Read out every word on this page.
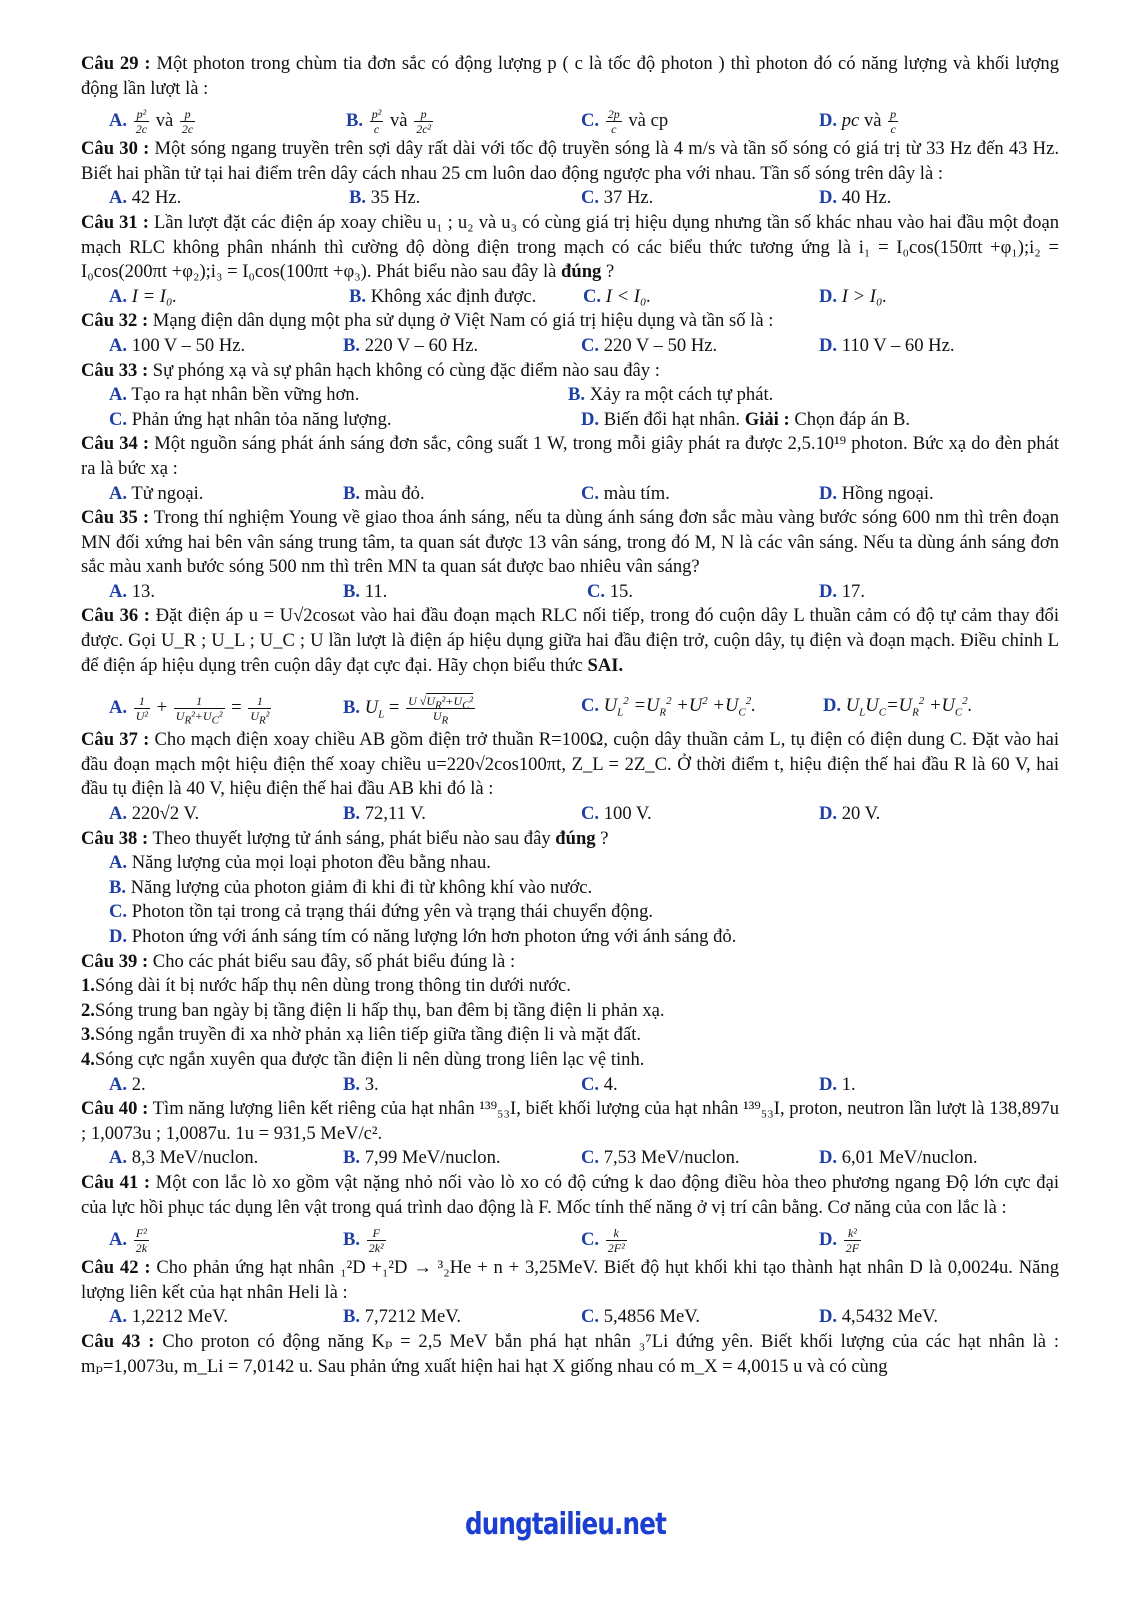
Câu 29 : Một photon trong chùm tia đơn sắc có động lượng p ( c là tốc độ photon ) thì photon đó có năng lượng và khối lượng động lần lượt là :

A. $\frac{\text{p²}}{2c}$ và $\frac{p}{2c}$	B. $\frac{\text{p²}}{c}$ và $\frac{p}{\text{2c²}}$	C. $\frac{2p}{c}$ và cp	D. pc và $\frac{p}{c}$

Câu 30 : Một sóng ngang truyền trên sợi dây rất dài với tốc độ truyền sóng là 4 m/s và tần số sóng có giá trị từ 33 Hz đến 43 Hz. Biết hai phần tử tại hai điểm trên dây cách nhau 25 cm luôn dao động ngược pha với nhau. Tần số sóng trên dây là :

A. 42 Hz.	B. 35 Hz.	C. 37 Hz.	D. 40 Hz.

Câu 31 : Lần lượt đặt các điện áp xoay chiều u₁ ; u₂ và u₃ có cùng giá trị hiệu dụng nhưng tần số khác nhau vào hai đầu một đoạn mạch RLC không phân nhánh thì cường độ dòng điện trong mạch có các biểu thức tương ứng là i₁ = I₀cos(150πt +φ₁);i₂ = I₀cos(200πt +φ₂);i₃ = I₀cos(100πt +φ₃). Phát biểu nào sau đây là đúng ?

A. I = I₀.	B. Không xác định được.	C. I < I₀.	D. I > I₀.

Câu 32 : Mạng điện dân dụng một pha sử dụng ở Việt Nam có giá trị hiệu dụng và tần số là :

A. 100 V – 50 Hz.	B. 220 V – 60 Hz.	C. 220 V – 50 Hz.	D. 110 V – 60 Hz.

Câu 33 : Sự phóng xạ và sự phân hạch không có cùng đặc điểm nào sau đây :

A. Tạo ra hạt nhân bền vững hơn.	B. Xảy ra một cách tự phát.
C. Phản ứng hạt nhân tỏa năng lượng.	D. Biến đổi hạt nhân. Giải : Chọn đáp án B.

Câu 34 : Một nguồn sáng phát ánh sáng đơn sắc, công suất 1 W, trong mỗi giây phát ra được 2,5.10¹⁹ photon. Bức xạ do đèn phát ra là bức xạ :

A. Tử ngoại.	B. màu đỏ.	C. màu tím.	D. Hồng ngoại.

Câu 35 : Trong thí nghiệm Young về giao thoa ánh sáng, nếu ta dùng ánh sáng đơn sắc màu vàng bước sóng 600 nm thì trên đoạn MN đối xứng hai bên vân sáng trung tâm, ta quan sát được 13 vân sáng, trong đó M, N là các vân sáng. Nếu ta dùng ánh sáng đơn sắc màu xanh bước sóng 500 nm thì trên MN ta quan sát được bao nhiêu vân sáng?

A. 13.	B. 11.	C. 15.	D. 17.

Câu 36 : Đặt điện áp u = U√2cosωt vào hai đầu đoạn mạch RLC nối tiếp, trong đó cuộn dây L thuần cảm có độ tự cảm thay đổi được. Gọi U_R ; U_L ; U_C ; U lần lượt là điện áp hiệu dụng giữa hai đầu điện trở, cuộn dây, tụ điện và đoạn mạch. Điều chỉnh L để điện áp hiệu dụng trên cuộn dây đạt cực đại. Hãy chọn biểu thức SAI.

A. $\frac{1}{\text{U²}} + \frac{1}{U_R^2+U_C^2} = \frac{1}{U_R^2}$	B. $U_L = \frac{U √U_R^2+U_C^2}{U_R}$	C. $U_L^2 =U_R^2 +U^2 +U_C^2$.	D. $U_LU_C=U_R^2 +U_C^2$.

Câu 37 : Cho mạch điện xoay chiều AB gồm điện trở thuần R=100Ω, cuộn dây thuần cảm L, tụ điện có điện dung C. Đặt vào hai đầu đoạn mạch một hiệu điện thế xoay chiều u=220√2cos100πt, Z_L = 2Z_C. Ở thời điểm t, hiệu điện thế hai đầu R là 60 V, hai đầu tụ điện là 40 V, hiệu điện thế hai đầu AB khi đó là :

A. 220√2 V.	B. 72,11 V.	C. 100 V.	D. 20 V.

Câu 38 : Theo thuyết lượng tử ánh sáng, phát biểu nào sau đây đúng ?

A. Năng lượng của mọi loại photon đều bằng nhau.
B. Năng lượng của photon giảm đi khi đi từ không khí vào nước.
C. Photon tồn tại trong cả trạng thái đứng yên và trạng thái chuyển động.
D. Photon ứng với ánh sáng tím có năng lượng lớn hơn photon ứng với ánh sáng đỏ.

Câu 39 : Cho các phát biểu sau đây, số phát biểu đúng là :

1.Sóng dài ít bị nước hấp thụ nên dùng trong thông tin dưới nước.
2.Sóng trung ban ngày bị tầng điện li hấp thụ, ban đêm bị tầng điện li phản xạ.
3.Sóng ngắn truyền đi xa nhờ phản xạ liên tiếp giữa tầng điện li và mặt đất.
4.Sóng cực ngắn xuyên qua được tần điện li nên dùng trong liên lạc vệ tinh.
A. 2.	B. 3.	C. 4.	D. 1.

Câu 40 : Tìm năng lượng liên kết riêng của hạt nhân ¹³⁹₅₃I, biết khối lượng của hạt nhân ¹³⁹₅₃I, proton, neutron lần lượt là 138,897u ; 1,0073u ; 1,0087u. 1u = 931,5 MeV/c².

A. 8,3 MeV/nuclon.	B. 7,99 MeV/nuclon.	C. 7,53 MeV/nuclon.	D. 6,01 MeV/nuclon.

Câu 41 : Một con lắc lò xo gồm vật nặng nhỏ nối vào lò xo có độ cứng k dao động điều hòa theo phương ngang Độ lớn cực đại của lực hồi phục tác dụng lên vật trong quá trình dao động là F. Mốc tính thế năng ở vị trí cân bằng. Cơ năng của con lắc là :

A. $\frac{\text{F²}}{2k}$	B. $\frac{F}{\text{2k²}}$	C. $\frac{k}{\text{2F²}}$	D. $\frac{\text{k²}}{2F}$

Câu 42 : Cho phản ứng hạt nhân ₁²D +₁²D → ³₂He + n + 3,25MeV. Biết độ hụt khối khi tạo thành hạt nhân D là 0,0024u. Năng lượng liên kết của hạt nhân Heli là :

A. 1,2212 MeV.	B. 7,7212 MeV.	C. 5,4856 MeV.	D. 4,5432 MeV.

Câu 43 : Cho proton có động năng Kₚ = 2,5 MeV bắn phá hạt nhân ₃⁷Li đứng yên. Biết khối lượng của các hạt nhân là : mₚ=1,0073u, m_Li = 7,0142 u. Sau phản ứng xuất hiện hai hạt X giống nhau có m_X = 4,0015 u và có cùng

dungtailieu.net
